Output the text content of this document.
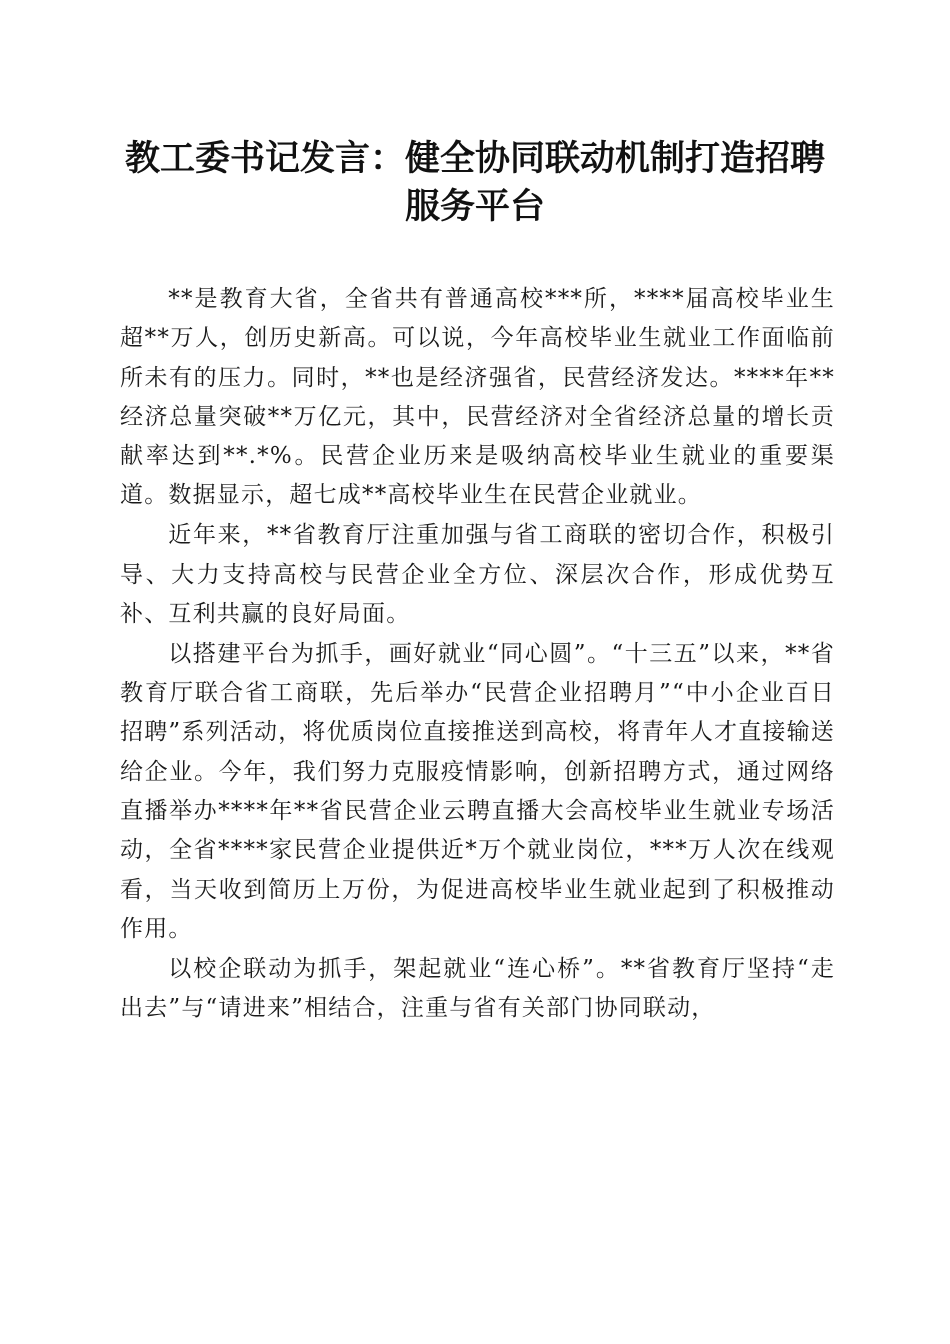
教工委书记发言：健全协同联动机制打造招聘服务平台

**是教育大省，全省共有普通高校***所，****届高校毕业生超**万人，创历史新高。可以说，今年高校毕业生就业工作面临前所未有的压力。同时，**也是经济强省，民营经济发达。****年**经济总量突破**万亿元，其中，民营经济对全省经济总量的增长贡献率达到**.*%。民营企业历来是吸纳高校毕业生就业的重要渠道。数据显示，超七成**高校毕业生在民营企业就业。

近年来，**省教育厅注重加强与省工商联的密切合作，积极引导、大力支持高校与民营企业全方位、深层次合作，形成优势互补、互利共赢的良好局面。

以搭建平台为抓手，画好就业“同心圆”。“十三五”以来，**省教育厅联合省工商联，先后举办“民营企业招聘月”“中小企业百日招聘”系列活动，将优质岗位直接推送到高校，将青年人才直接输送给企业。今年，我们努力克服疫情影响，创新招聘方式，通过网络直播举办****年**省民营企业云聘直播大会高校毕业生就业专场活动，全省****家民营企业提供近*万个就业岗位，***万人次在线观看，当天收到简历上万份，为促进高校毕业生就业起到了积极推动作用。

以校企联动为抓手，架起就业“连心桥”。**省教育厅坚持“走出去”与“请进来”相结合，注重与省有关部门协同联动，
